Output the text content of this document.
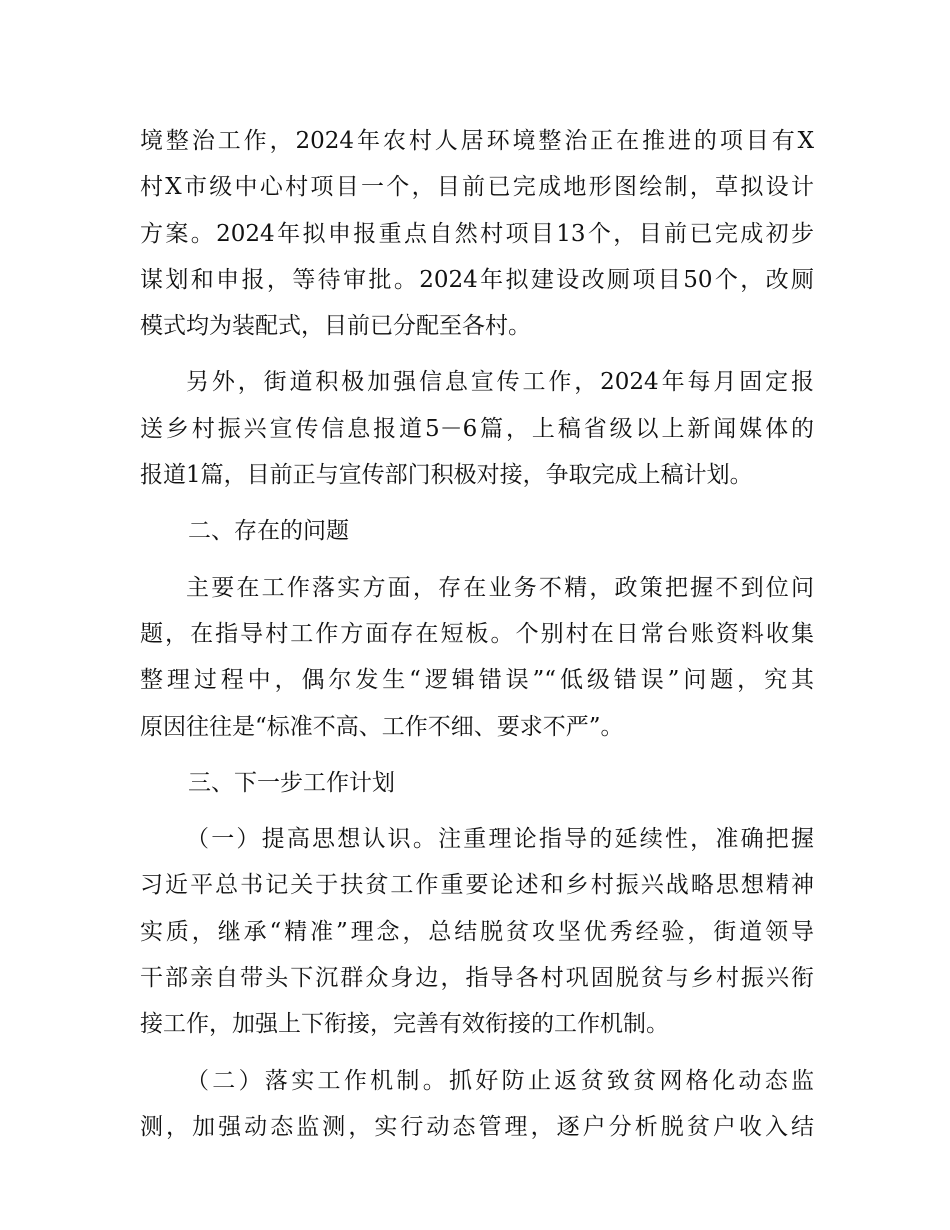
境整治工作，2024年农村人居环境整治正在推进的项目有X
村X市级中心村项目一个，目前已完成地形图绘制，草拟设计
方案。2024年拟申报重点自然村项目13个，目前已完成初步
谋划和申报，等待审批。2024年拟建设改厕项目50个，改厕
模式均为装配式，目前已分配至各村。
另外，街道积极加强信息宣传工作，2024年每月固定报
送乡村振兴宣传信息报道5－6篇，上稿省级以上新闻媒体的
报道1篇，目前正与宣传部门积极对接，争取完成上稿计划。
二、存在的问题
主要在工作落实方面，存在业务不精，政策把握不到位问
题，在指导村工作方面存在短板。个别村在日常台账资料收集
整理过程中，偶尔发生“逻辑错误”“低级错误”问题，究其
原因往往是“标准不高、工作不细、要求不严”。
三、下一步工作计划
（一）提高思想认识。注重理论指导的延续性，准确把握
习近平总书记关于扶贫工作重要论述和乡村振兴战略思想精神
实质，继承“精准”理念，总结脱贫攻坚优秀经验，街道领导
干部亲自带头下沉群众身边，指导各村巩固脱贫与乡村振兴衔
接工作，加强上下衔接，完善有效衔接的工作机制。
（二）落实工作机制。抓好防止返贫致贫网格化动态监
测，加强动态监测，实行动态管理，逐户分析脱贫户收入结
